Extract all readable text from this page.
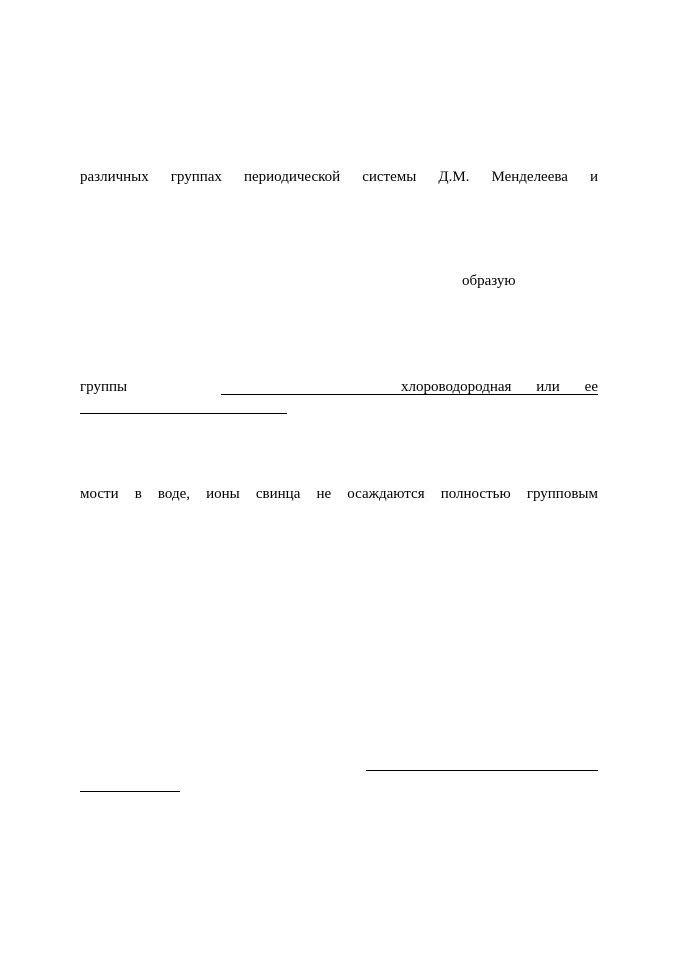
различных группах периодической системы Д.М. Менделеева и
образую
группы	хлороводородная или ее
мости в воде, ионы свинца не осаждаются полностью групповым
